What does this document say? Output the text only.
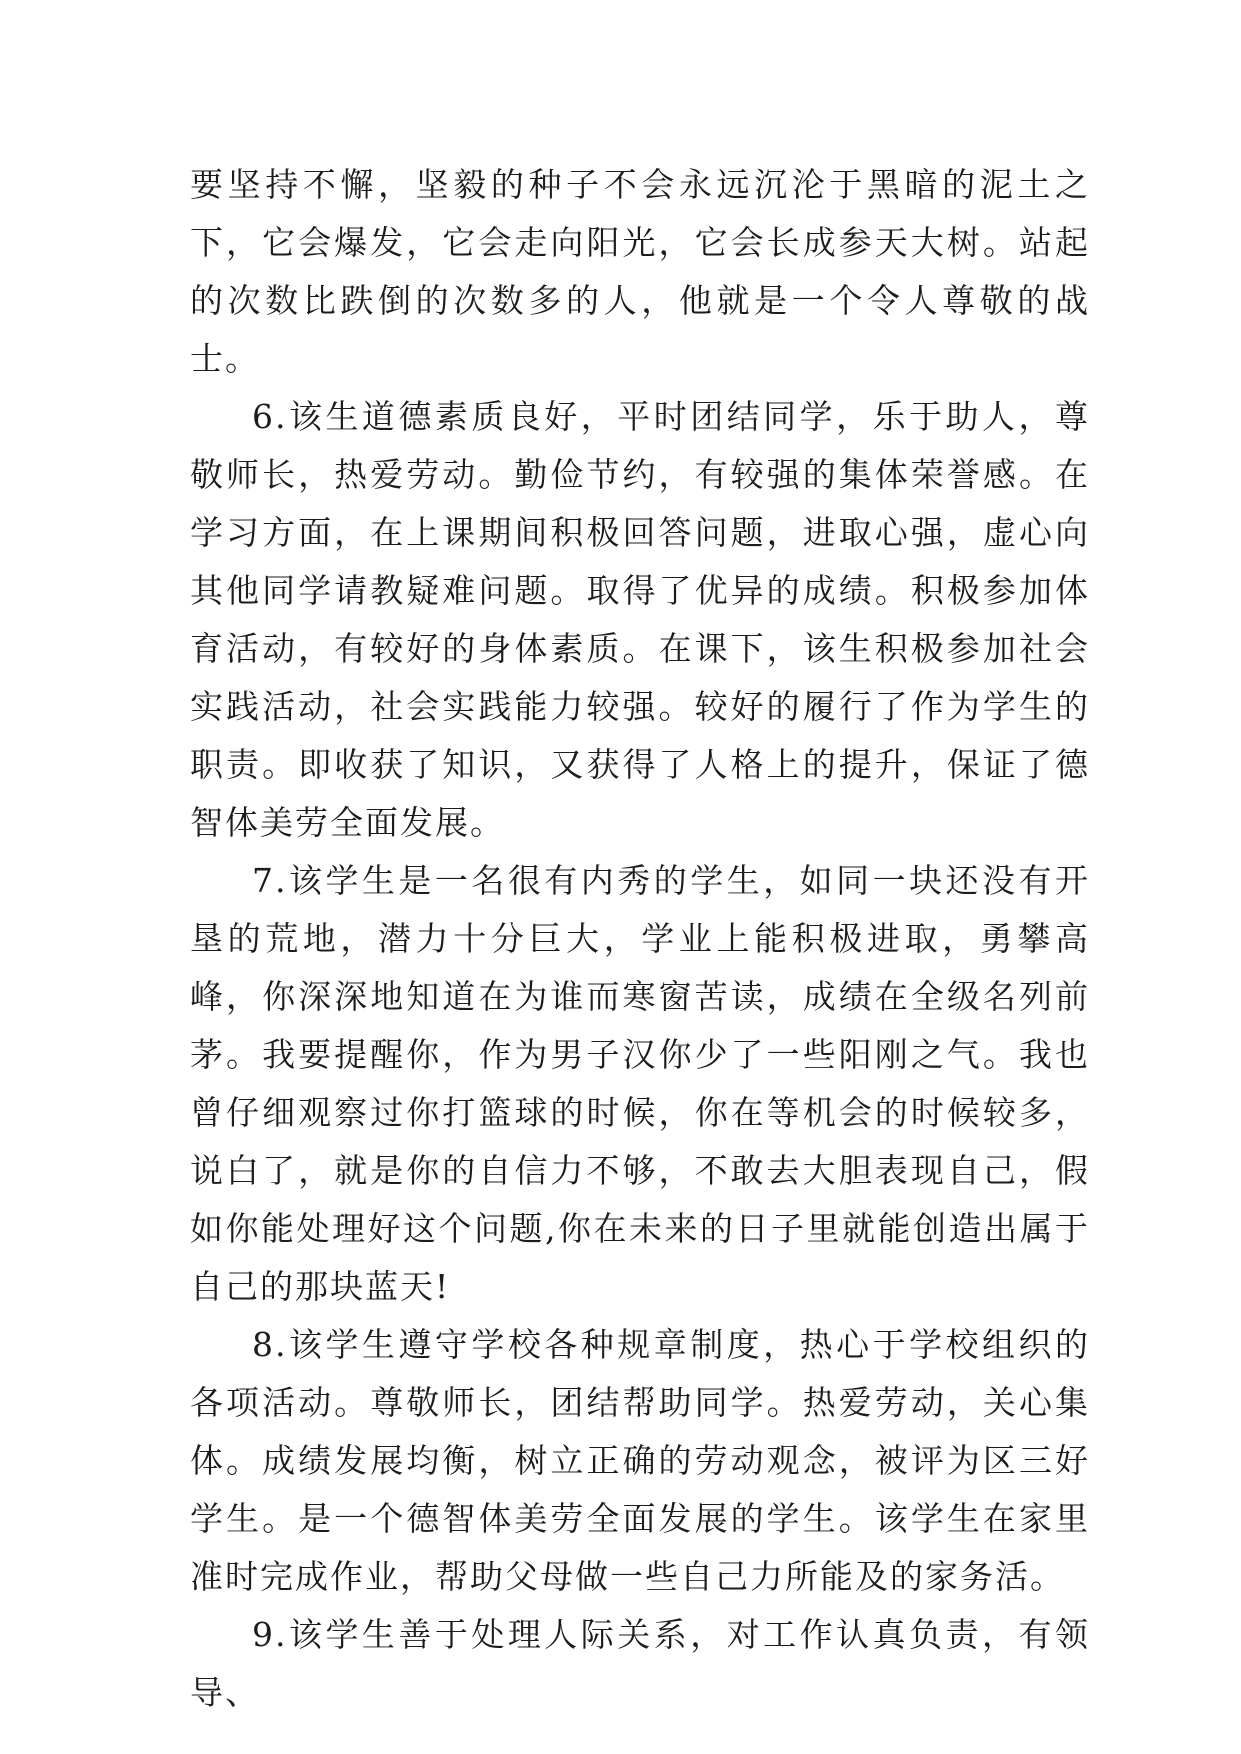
要坚持不懈，坚毅的种子不会永远沉沦于黑暗的泥土之下，它会爆发，它会走向阳光，它会长成参天大树。站起的次数比跌倒的次数多的人，他就是一个令人尊敬的战士。

6.该生道德素质良好，平时团结同学，乐于助人，尊敬师长，热爱劳动。勤俭节约，有较强的集体荣誉感。在学习方面，在上课期间积极回答问题，进取心强，虚心向其他同学请教疑难问题。取得了优异的成绩。积极参加体育活动，有较好的身体素质。在课下，该生积极参加社会实践活动，社会实践能力较强。较好的履行了作为学生的职责。即收获了知识，又获得了人格上的提升，保证了德智体美劳全面发展。

7.该学生是一名很有内秀的学生，如同一块还没有开垦的荒地，潜力十分巨大，学业上能积极进取，勇攀高峰，你深深地知道在为谁而寒窗苦读，成绩在全级名列前茅。我要提醒你，作为男子汉你少了一些阳刚之气。我也曾仔细观察过你打篮球的时候，你在等机会的时候较多，说白了，就是你的自信力不够，不敢去大胆表现自己，假如你能处理好这个问题,你在未来的日子里就能创造出属于自己的那块蓝天!

8.该学生遵守学校各种规章制度，热心于学校组织的各项活动。尊敬师长，团结帮助同学。热爱劳动，关心集体。成绩发展均衡，树立正确的劳动观念，被评为区三好学生。是一个德智体美劳全面发展的学生。该学生在家里准时完成作业，帮助父母做一些自己力所能及的家务活。

9.该学生善于处理人际关系，对工作认真负责，有领导、
